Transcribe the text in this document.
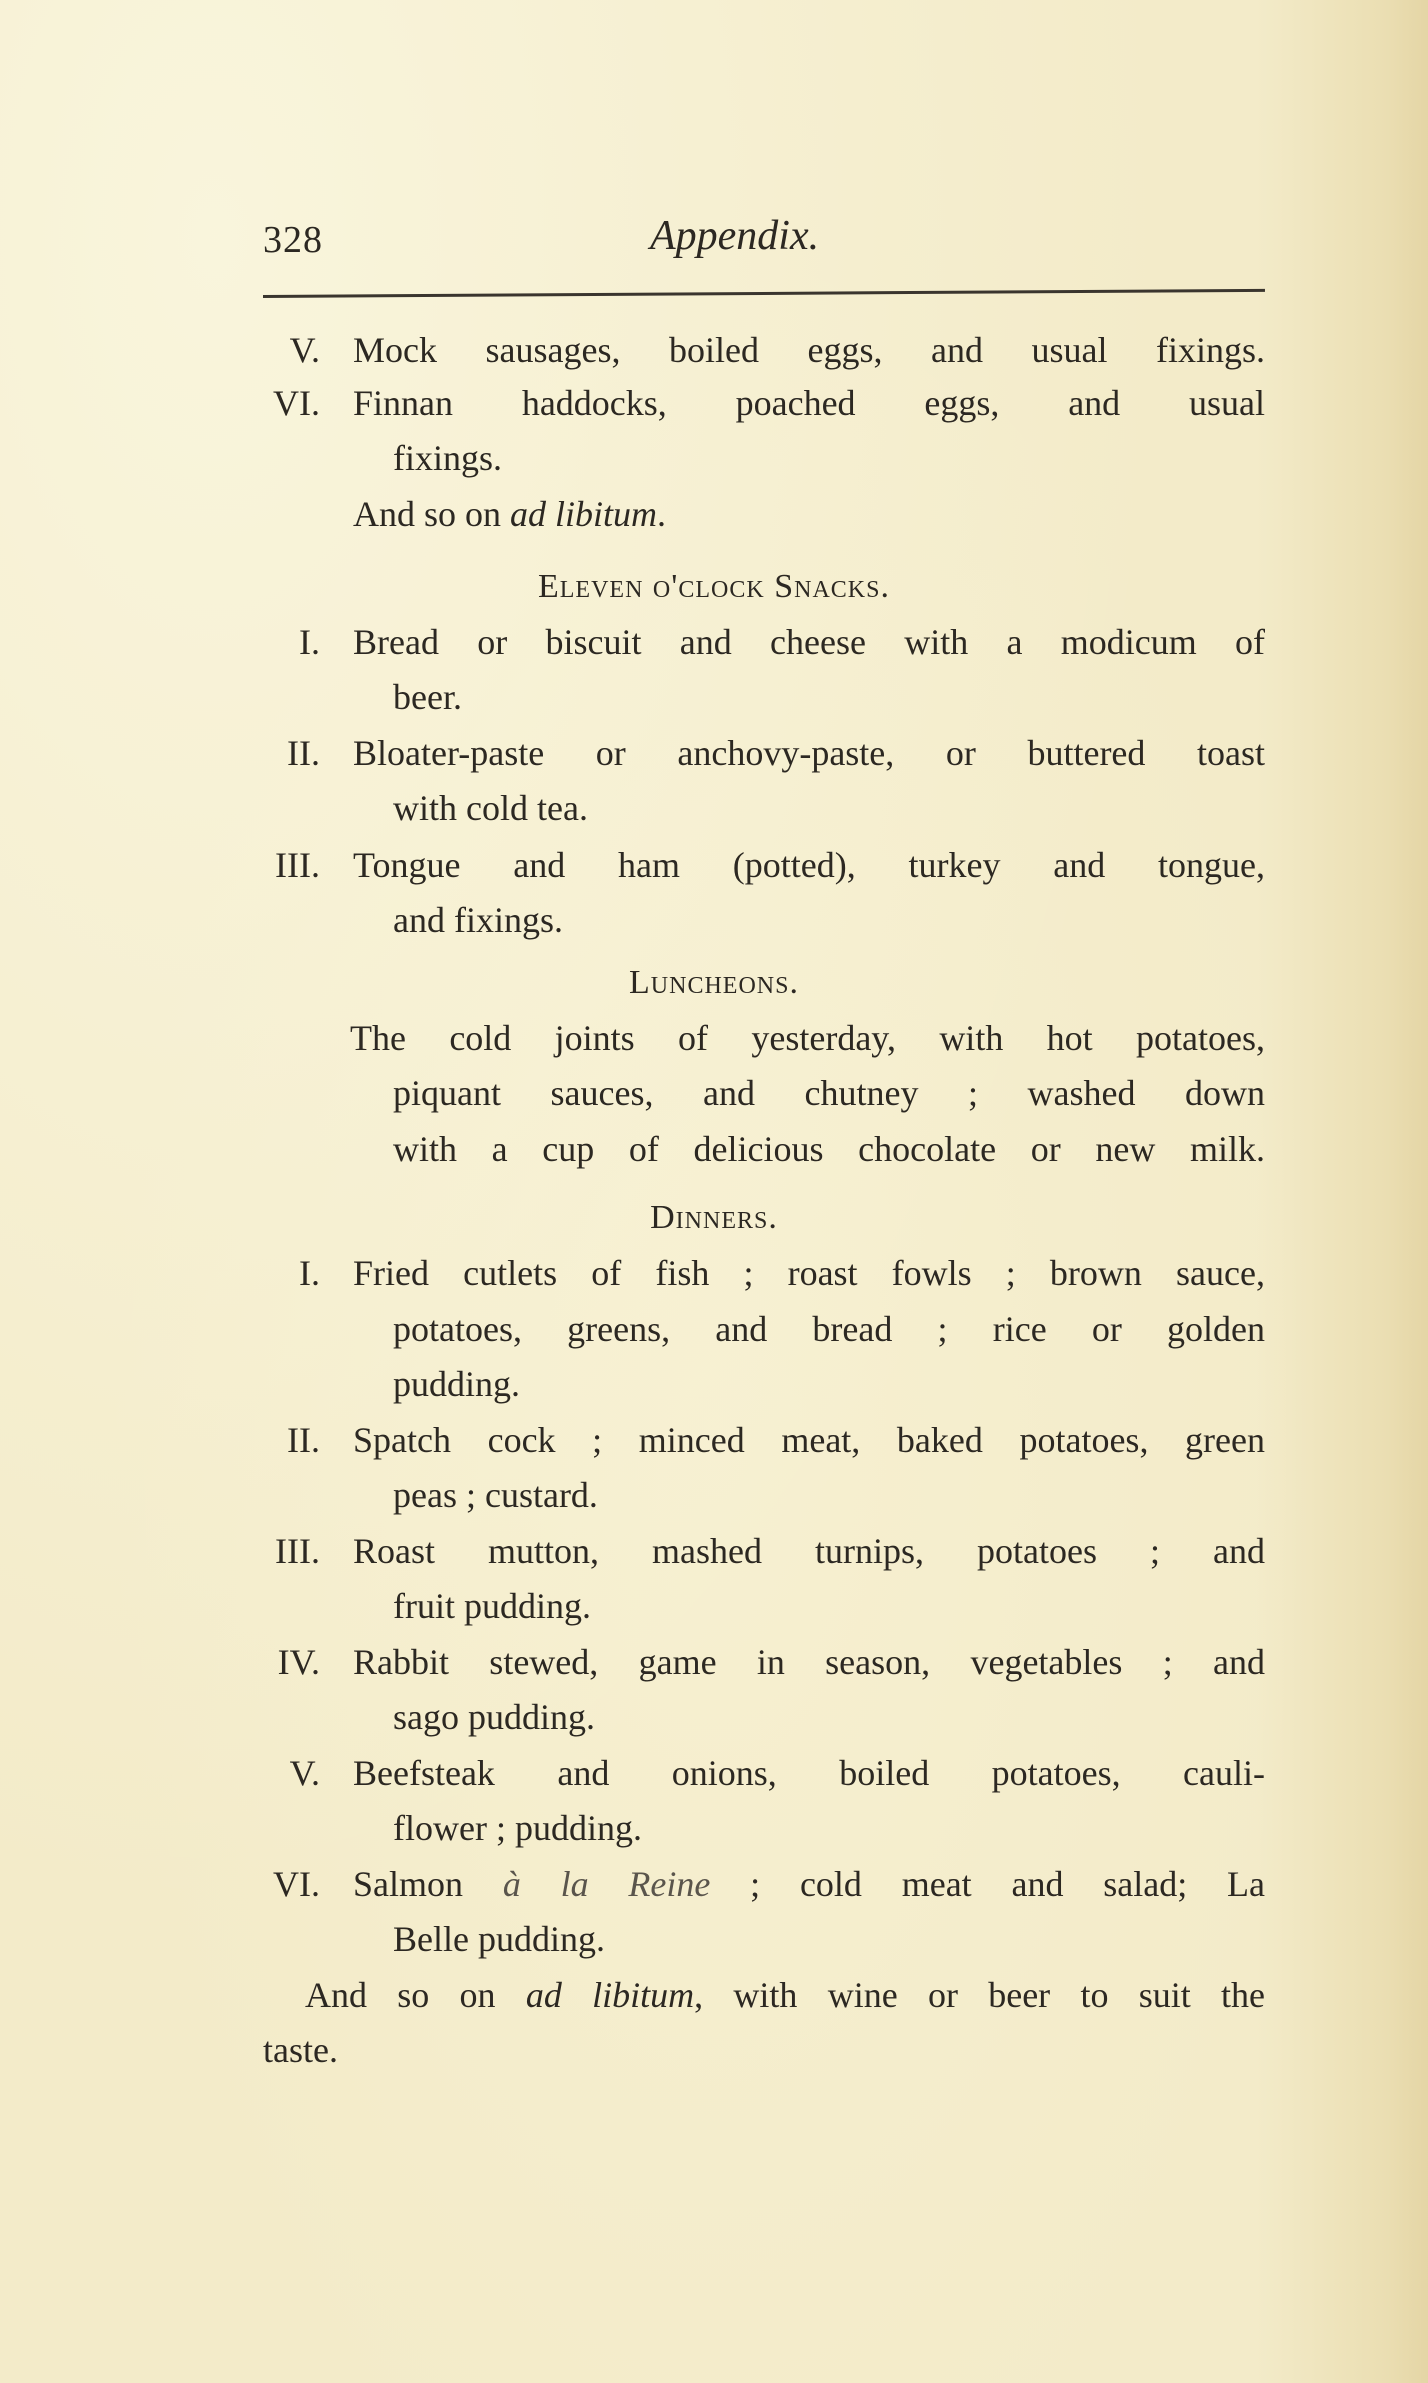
328	Appendix.
V. Mock sausages, boiled eggs, and usual fixings.
VI. Finnan haddocks, poached eggs, and usual
fixings.
And so on ad libitum.
Eleven o'clock Snacks.
I. Bread or biscuit and cheese with a modicum of
beer.
II. Bloater-paste or anchovy-paste, or buttered toast
with cold tea.
III. Tongue and ham (potted), turkey and tongue,
and fixings.
Luncheons.
The cold joints of yesterday, with hot potatoes,
piquant sauces, and chutney ; washed down
with a cup of delicious chocolate or new milk.
Dinners.
I. Fried cutlets of fish ; roast fowls ; brown sauce,
potatoes, greens, and bread ; rice or golden
pudding.
II. Spatch cock ; minced meat, baked potatoes, green
peas ; custard.
III. Roast mutton, mashed turnips, potatoes ; and
fruit pudding.
IV. Rabbit stewed, game in season, vegetables ; and
sago pudding.
V. Beefsteak and onions, boiled potatoes, cauli-
flower ; pudding.
VI. Salmon à la Reine ; cold meat and salad; La
Belle pudding.
And so on ad libitum, with wine or beer to suit the
taste.
